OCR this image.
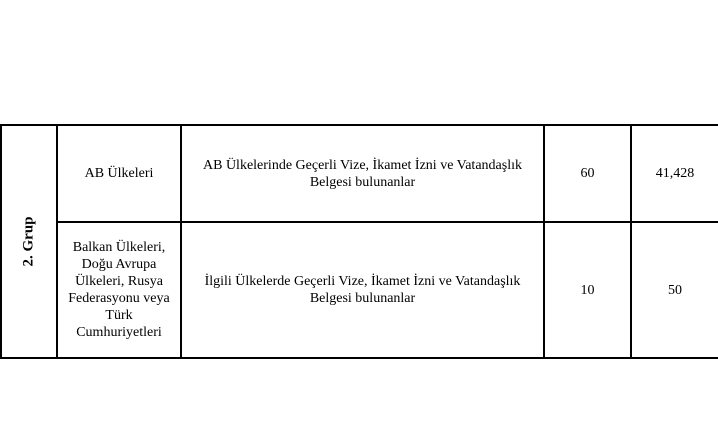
2. Grup	AB Ülkeleri	AB Ülkelerinde Geçerli Vize, İkamet İzni ve Vatandaşlık Belgesi bulunanlar	60	41,428
	Balkan Ülkeleri,
Doğu Avrupa
Ülkeleri, Rusya
Federasyonu veya
Türk Cumhuriyetleri	İlgili Ülkelerde Geçerli Vize, İkamet İzni ve Vatandaşlık Belgesi bulunanlar	10	50
